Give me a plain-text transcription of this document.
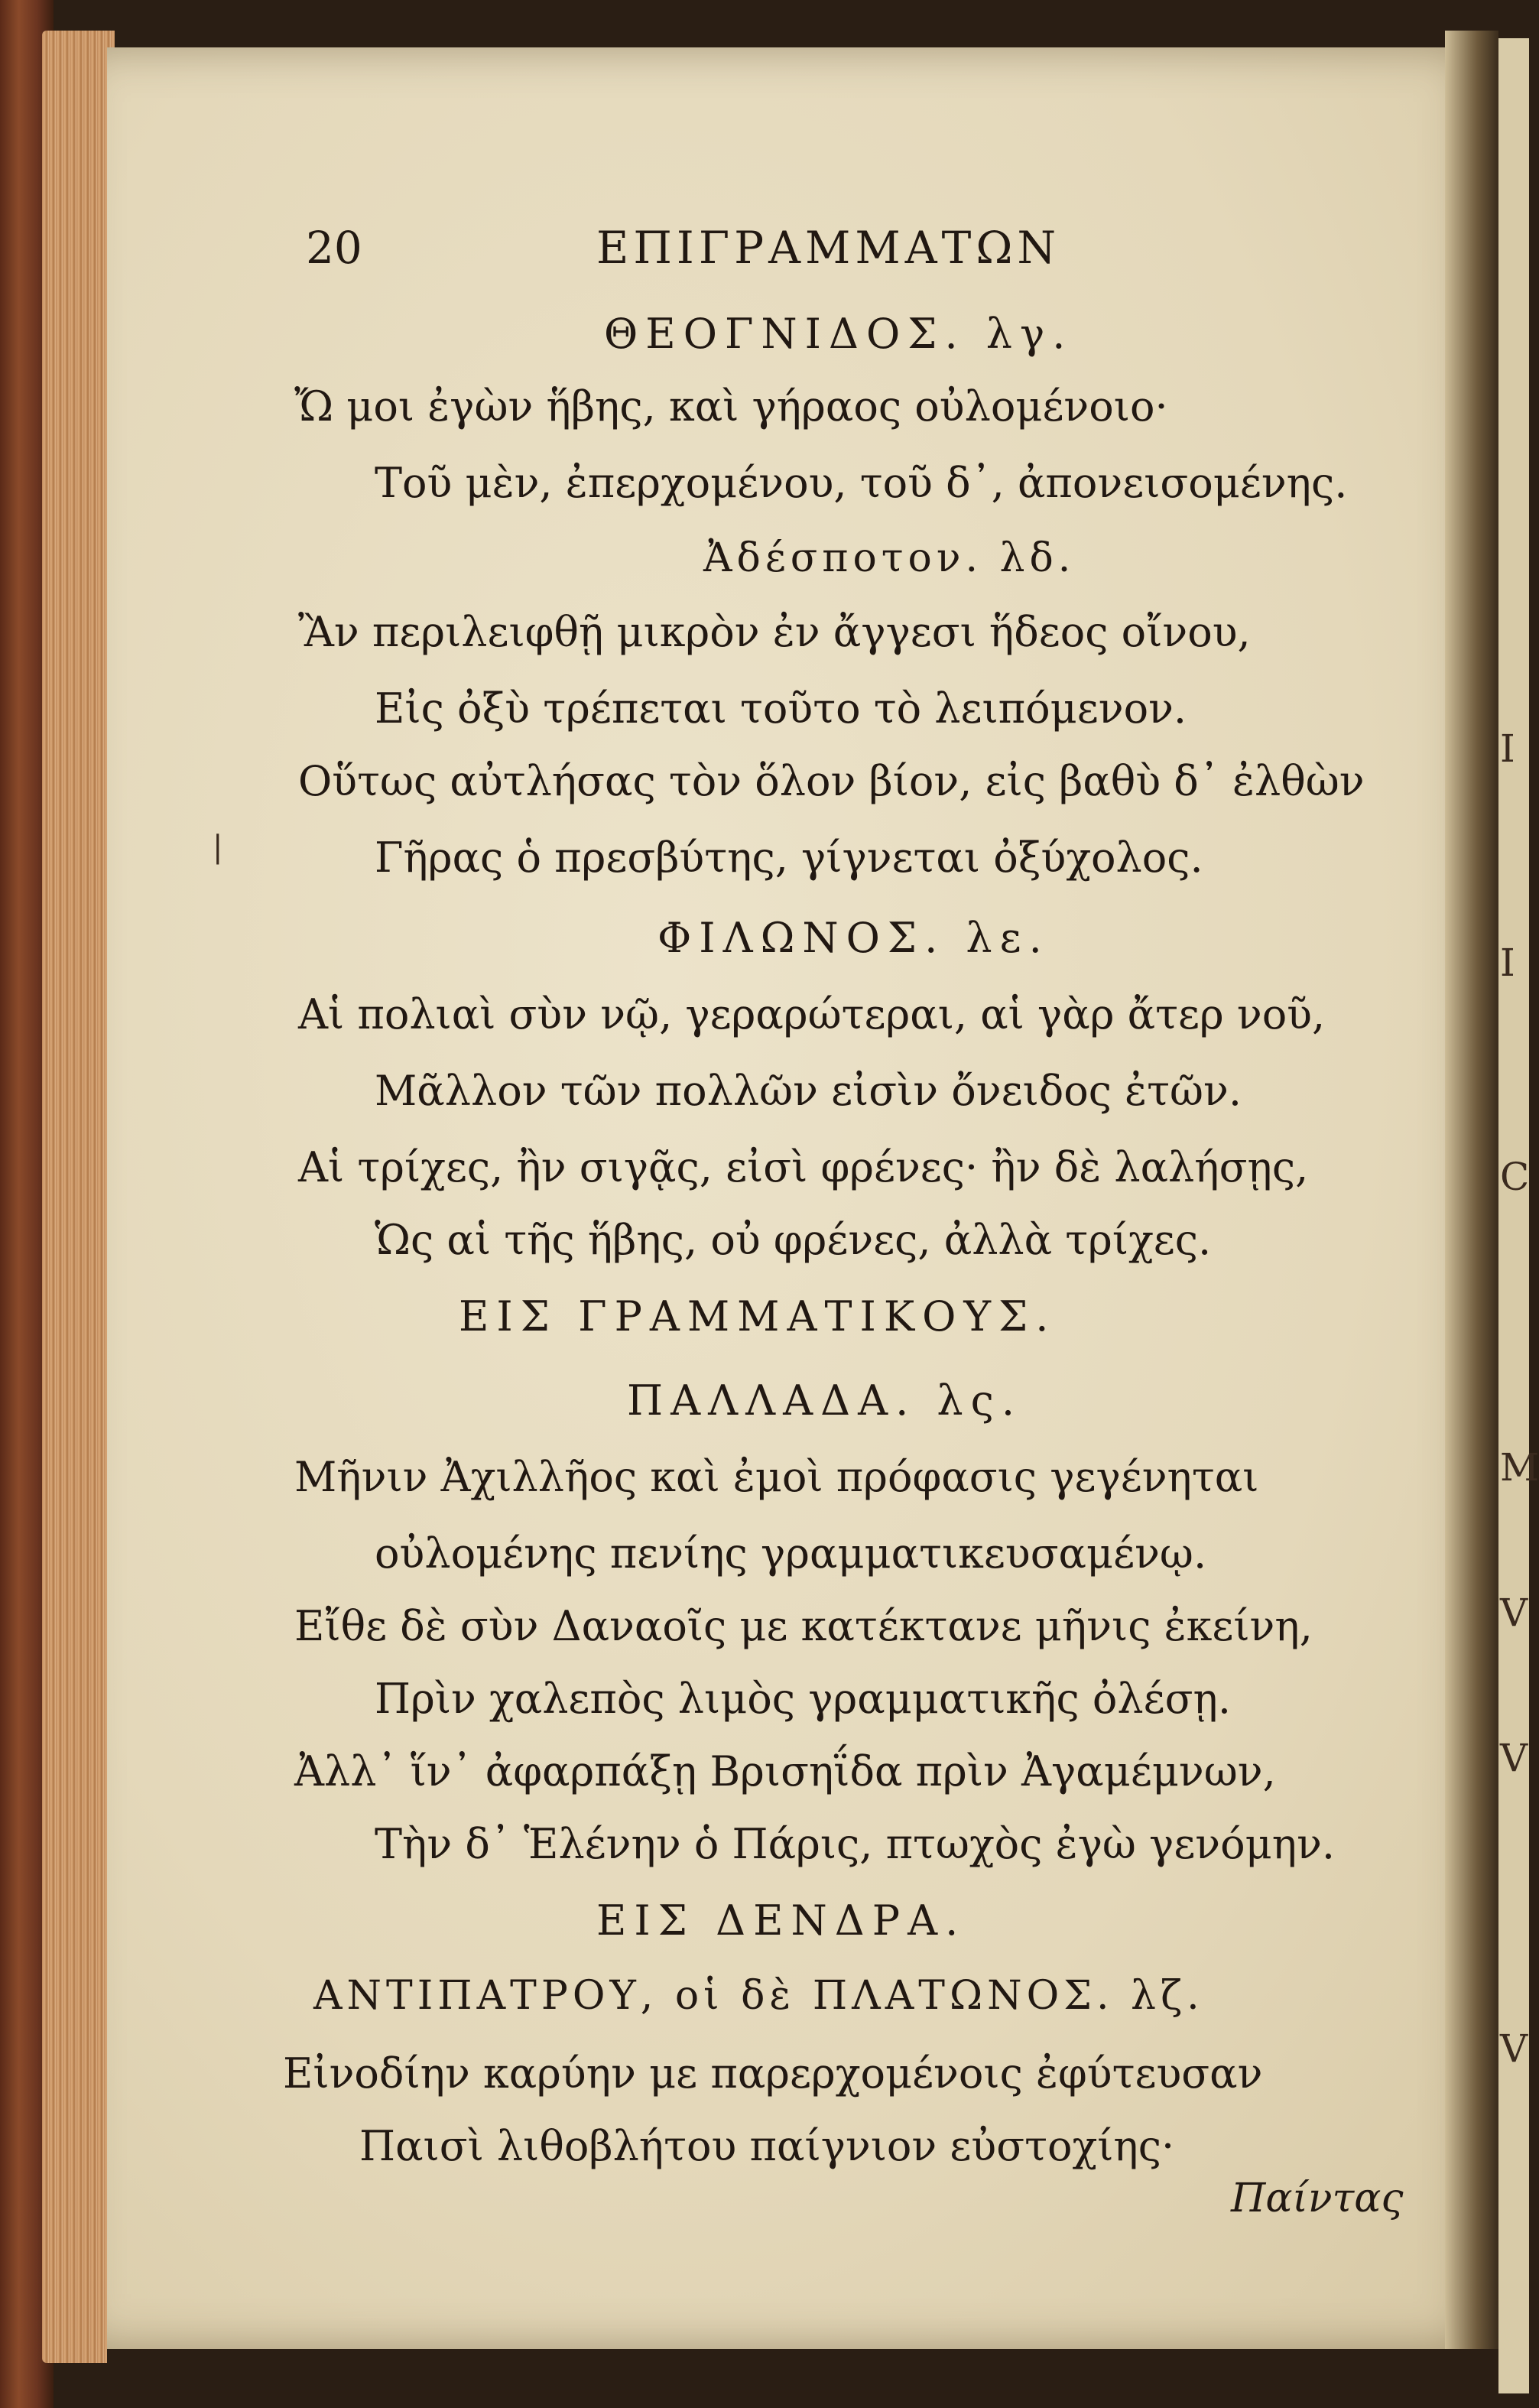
I
I
C
M
V
V
V
20	ΕΠΙΓΡΑΜΜΑΤΩΝ
ΘΕΟΓΝΙΔΟΣ. λγ.
Ὤ μοι ἐγὼν ἥβης, καὶ γήραος οὐλομένοιο·
Τοῦ μὲν, ἐπερχομένου, τοῦ δ᾽, ἀπονεισομένης.
Ἀδέσποτον. λδ.
Ἂν περιλειφθῇ μικρὸν ἐν ἄγγεσι ἥδεος οἴνου,
Εἰς ὀξὺ τρέπεται τοῦτο τὸ λειπόμενον.
Οὕτως αὐτλήσας τὸν ὅλον βίον, εἰς βαθὺ δ᾽ ἐλθὼν
Γῆρας ὁ πρεσβύτης, γίγνεται ὀξύχολος.
|
ΦΙΛΩΝΟΣ. λε.
Αἱ πολιαὶ σὺν νῷ, γεραρώτεραι, αἱ γὰρ ἄτερ νοῦ,
Μᾶλλον τῶν πολλῶν εἰσὶν ὄνειδος ἐτῶν.
Αἱ τρίχες, ἢν σιγᾷς, εἰσὶ φρένες· ἢν δὲ λαλήσῃς,
Ὡς αἱ τῆς ἥβης, οὐ φρένες, ἀλλὰ τρίχες.
ΕΙΣ ΓΡΑΜΜΑΤΙΚΟΥΣ.
ΠΑΛΛΑΔΑ. λς.
Μῆνιν Ἀχιλλῆος καὶ ἐμοὶ πρόφασις γεγένηται
οὐλομένης πενίης γραμματικευσαμένῳ.
Εἴθε δὲ σὺν Δαναοῖς με κατέκτανε μῆνις ἐκείνη,
Πρὶν χαλεπὸς λιμὸς γραμματικῆς ὀλέσῃ.
Ἀλλ᾽ ἵν᾽ ἀφαρπάξῃ Βρισηΐδα πρὶν Ἀγαμέμνων,
Τὴν δ᾽ Ἑλένην ὁ Πάρις, πτωχὸς ἐγὼ γενόμην.
ΕΙΣ ΔΕΝΔΡΑ.
ΑΝΤΙΠΑΤΡΟΥ, οἱ δὲ ΠΛΑΤΩΝΟΣ. λζ.
Εἰνοδίην καρύην με παρερχομένοις ἐφύτευσαν
Παισὶ λιθοβλήτου παίγνιον εὐστοχίης·
Παίντας
